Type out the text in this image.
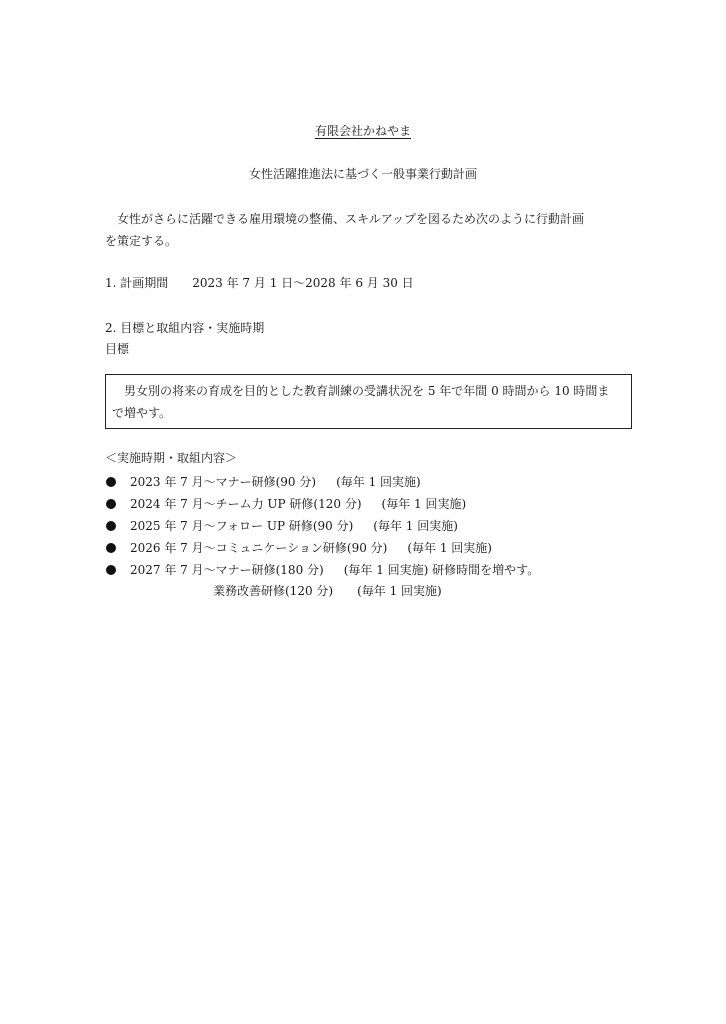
有限会社かねやま
女性活躍推進法に基づく一般事業行動計画

女性がさらに活躍できる雇用環境の整備、スキルアップを図るため次のように行動計画

を策定する。

1. 計画期間 2023 年 7 月 1 日～2028 年 6 月 30 日
2. 目標と取組内容・実施時期
目標

男女別の将来の育成を目的とした教育訓練の受講状況を 5 年で年間 0 時間から 10 時間ま

で増やす。

＜実施時期・取組内容＞
2023 年 7 月～マナー研修(90 分) (毎年 1 回実施)
2024 年 7 月～チーム力 UP 研修(120 分) (毎年 1 回実施)
2025 年 7 月～フォロー UP 研修(90 分) (毎年 1 回実施)
2026 年 7 月～コミュニケーション研修(90 分) (毎年 1 回実施)
2027 年 7 月～マナー研修(180 分) (毎年 1 回実施) 研修時間を増やす。
業務改善研修(120 分) (毎年 1 回実施)
